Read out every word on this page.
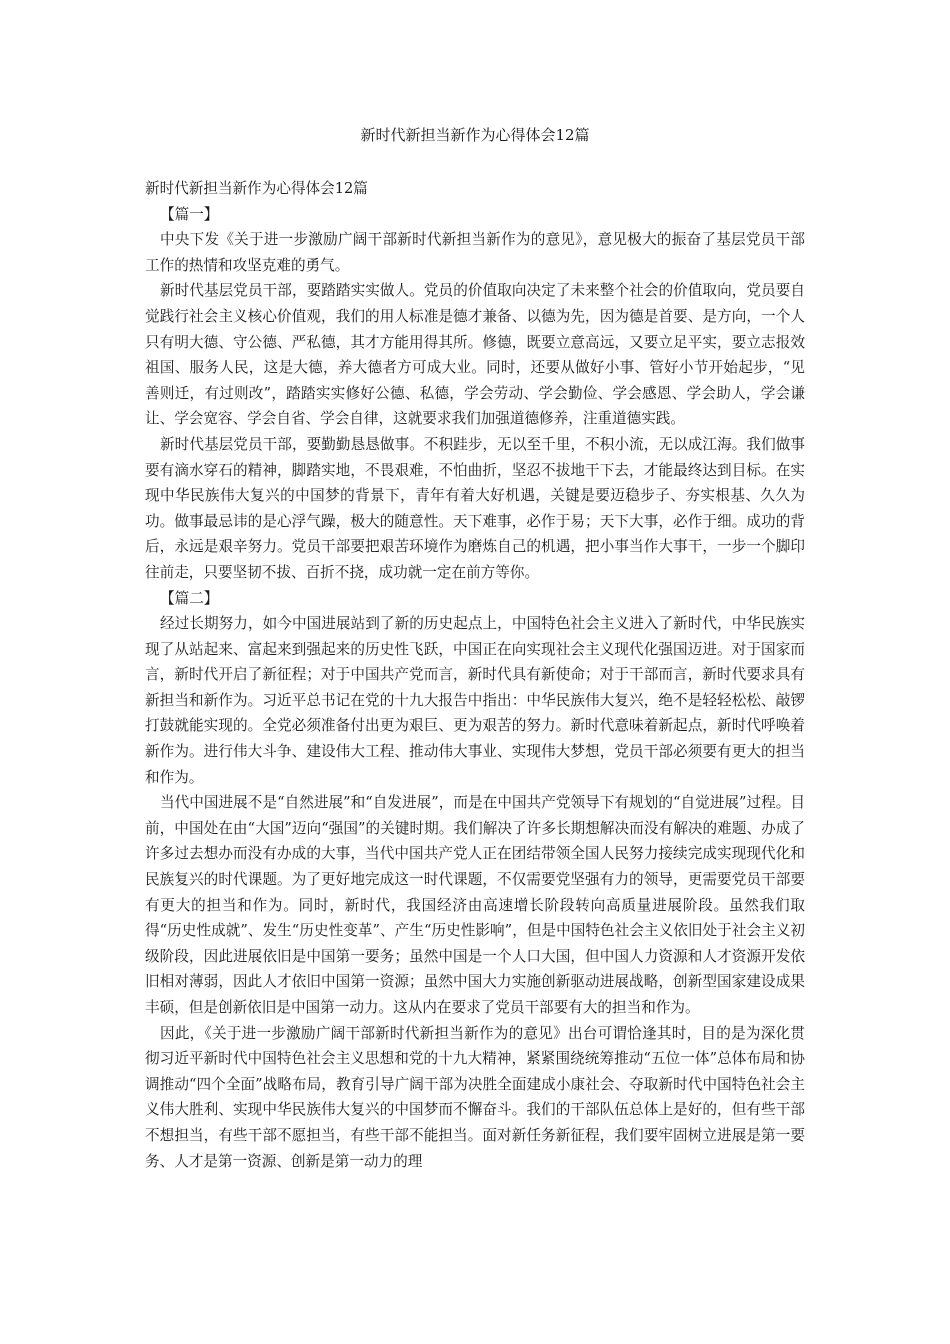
新时代新担当新作为心得体会12篇

新时代新担当新作为心得体会12篇

【篇一】

中央下发《关于进一步激励广阔干部新时代新担当新作为的意见》，意见极大的振奋了基层党员干部工作的热情和攻坚克难的勇气。

新时代基层党员干部，要踏踏实实做人。党员的价值取向决定了未来整个社会的价值取向，党员要自觉践行社会主义核心价值观，我们的用人标准是德才兼备、以德为先，因为德是首要、是方向，一个人只有明大德、守公德、严私德，其才方能用得其所。修德，既要立意高远，又要立足平实，要立志报效祖国、服务人民，这是大德，养大德者方可成大业。同时，还要从做好小事、管好小节开始起步，“见善则迁，有过则改”，踏踏实实修好公德、私德，学会劳动、学会勤俭、学会感恩、学会助人，学会谦让、学会宽容、学会自省、学会自律，这就要求我们加强道德修养，注重道德实践。

新时代基层党员干部，要勤勤恳恳做事。不积跬步，无以至千里，不积小流，无以成江海。我们做事要有滴水穿石的精神，脚踏实地，不畏艰难，不怕曲折，坚忍不拔地干下去，才能最终达到目标。在实现中华民族伟大复兴的中国梦的背景下，青年有着大好机遇，关键是要迈稳步子、夯实根基、久久为功。做事最忌讳的是心浮气躁，极大的随意性。天下难事，必作于易；天下大事，必作于细。成功的背后，永远是艰辛努力。党员干部要把艰苦环境作为磨炼自己的机遇，把小事当作大事干，一步一个脚印往前走，只要坚韧不拔、百折不挠，成功就一定在前方等你。

【篇二】

经过长期努力，如今中国进展站到了新的历史起点上，中国特色社会主义进入了新时代，中华民族实现了从站起来、富起来到强起来的历史性飞跃，中国正在向实现社会主义现代化强国迈进。对于国家而言，新时代开启了新征程；对于中国共产党而言，新时代具有新使命；对于干部而言，新时代要求具有新担当和新作为。习近平总书记在党的十九大报告中指出：中华民族伟大复兴，绝不是轻轻松松、敲锣打鼓就能实现的。全党必须准备付出更为艰巨、更为艰苦的努力。新时代意味着新起点，新时代呼唤着新作为。进行伟大斗争、建设伟大工程、推动伟大事业、实现伟大梦想，党员干部必须要有更大的担当和作为。

当代中国进展不是“自然进展”和“自发进展”，而是在中国共产党领导下有规划的“自觉进展”过程。目前，中国处在由“大国”迈向“强国”的关键时期。我们解决了许多长期想解决而没有解决的难题、办成了许多过去想办而没有办成的大事，当代中国共产党人正在团结带领全国人民努力接续完成实现现代化和民族复兴的时代课题。为了更好地完成这一时代课题，不仅需要党坚强有力的领导，更需要党员干部要有更大的担当和作为。同时，新时代，我国经济由高速增长阶段转向高质量进展阶段。虽然我们取得“历史性成就”、发生“历史性变革”、产生“历史性影响”，但是中国特色社会主义依旧处于社会主义初级阶段，因此进展依旧是中国第一要务；虽然中国是一个人口大国，但中国人力资源和人才资源开发依旧相对薄弱，因此人才依旧中国第一资源；虽然中国大力实施创新驱动进展战略，创新型国家建设成果丰硕，但是创新依旧是中国第一动力。这从内在要求了党员干部要有大的担当和作为。

因此，《关于进一步激励广阔干部新时代新担当新作为的意见》出台可谓恰逢其时，目的是为深化贯彻习近平新时代中国特色社会主义思想和党的十九大精神，紧紧围绕统筹推动“五位一体”总体布局和协调推动“四个全面”战略布局，教育引导广阔干部为决胜全面建成小康社会、夺取新时代中国特色社会主义伟大胜利、实现中华民族伟大复兴的中国梦而不懈奋斗。我们的干部队伍总体上是好的，但有些干部不想担当，有些干部不愿担当，有些干部不能担当。面对新任务新征程，我们要牢固树立进展是第一要务、人才是第一资源、创新是第一动力的理
